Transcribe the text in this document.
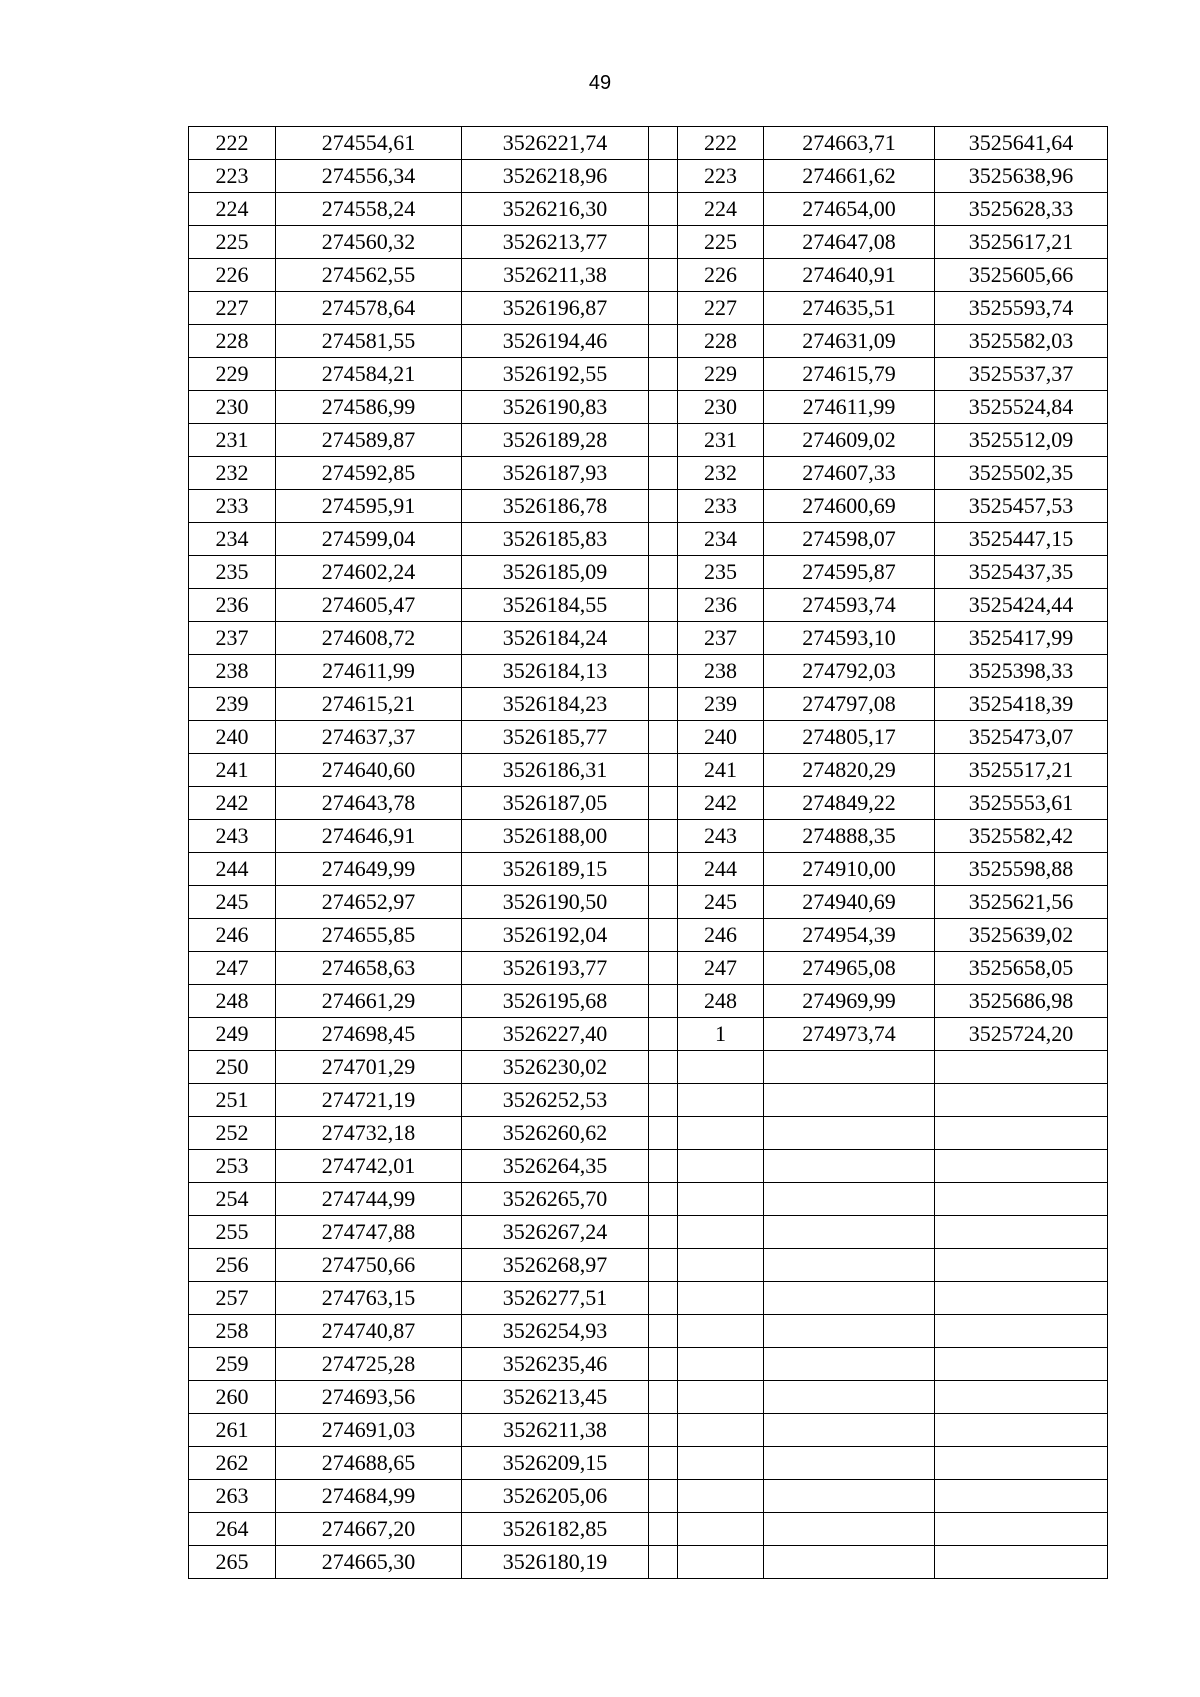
49
222	274554,61	3526221,74		222	274663,71	3525641,64
223	274556,34	3526218,96		223	274661,62	3525638,96
224	274558,24	3526216,30		224	274654,00	3525628,33
225	274560,32	3526213,77		225	274647,08	3525617,21
226	274562,55	3526211,38		226	274640,91	3525605,66
227	274578,64	3526196,87		227	274635,51	3525593,74
228	274581,55	3526194,46		228	274631,09	3525582,03
229	274584,21	3526192,55		229	274615,79	3525537,37
230	274586,99	3526190,83		230	274611,99	3525524,84
231	274589,87	3526189,28		231	274609,02	3525512,09
232	274592,85	3526187,93		232	274607,33	3525502,35
233	274595,91	3526186,78		233	274600,69	3525457,53
234	274599,04	3526185,83		234	274598,07	3525447,15
235	274602,24	3526185,09		235	274595,87	3525437,35
236	274605,47	3526184,55		236	274593,74	3525424,44
237	274608,72	3526184,24		237	274593,10	3525417,99
238	274611,99	3526184,13		238	274792,03	3525398,33
239	274615,21	3526184,23		239	274797,08	3525418,39
240	274637,37	3526185,77		240	274805,17	3525473,07
241	274640,60	3526186,31		241	274820,29	3525517,21
242	274643,78	3526187,05		242	274849,22	3525553,61
243	274646,91	3526188,00		243	274888,35	3525582,42
244	274649,99	3526189,15		244	274910,00	3525598,88
245	274652,97	3526190,50		245	274940,69	3525621,56
246	274655,85	3526192,04		246	274954,39	3525639,02
247	274658,63	3526193,77		247	274965,08	3525658,05
248	274661,29	3526195,68		248	274969,99	3525686,98
249	274698,45	3526227,40		1	274973,74	3525724,20
250	274701,29	3526230,02				
251	274721,19	3526252,53				
252	274732,18	3526260,62				
253	274742,01	3526264,35				
254	274744,99	3526265,70				
255	274747,88	3526267,24				
256	274750,66	3526268,97				
257	274763,15	3526277,51				
258	274740,87	3526254,93				
259	274725,28	3526235,46				
260	274693,56	3526213,45				
261	274691,03	3526211,38				
262	274688,65	3526209,15				
263	274684,99	3526205,06				
264	274667,20	3526182,85				
265	274665,30	3526180,19				
